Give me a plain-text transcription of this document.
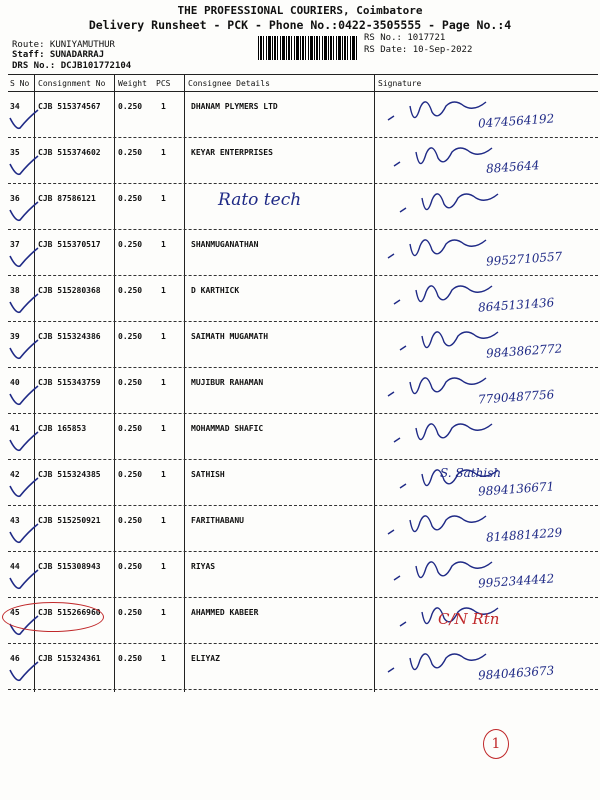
THE PROFESSIONAL COURIERS, Coimbatore
Delivery Runsheet - PCK - Phone No.:0422-3505555 - Page No.:4
Route: KUNIYAMUTHUR
Staff: SUNADARRAJ
DRS No.: DCJB101772104
RS No.: 1017721
RS Date: 10-Sep-2022
S No Consignment No Weight PCS Consignee Details	Signature
34 CJB 515374567 0.250 1	DHANAM PLYMERS LTD
0474564192
35 CJB 515374602 0.250 1	KEYAR ENTERPRISES
8845644
36 CJB 87586121	0.250 1	Rato tech
37 CJB 515370517 0.250 1	SHANMUGANATHAN
9952710557
38 CJB 515280368 0.250 1	D KARTHICK
8645131436
39 CJB 515324386 0.250 1	SAIMATH MUGAMATH
9843862772
40 CJB 515343759 0.250 1	MUJIBUR RAHAMAN
7790487756
41 CJB 165853	0.250 1	MOHAMMAD SHAFIC
42 CJB 515324385 0.250 1	SATHISH
9894136671
S. Sathish
43 CJB 515250921 0.250 1	FARITHABANU
8148814229
44 CJB 515308943 0.250 1	RIYAS
9952344442
45 CJB 515266960 0.250 1	AHAMMED KABEER	C/N Rtn
46 CJB 515324361 0.250 1	ELIYAZ
9840463673
1
